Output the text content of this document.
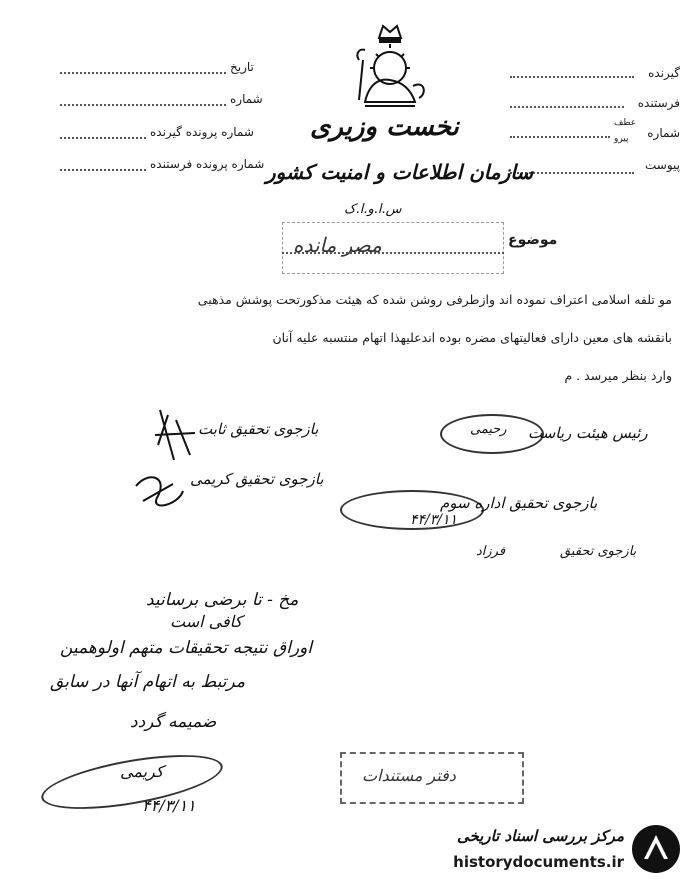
تاریخ
شماره
شماره پرونده گیرنده
شماره پرونده فرستنده
گیرنده
فرستنده
شماره
عطف
پیرو
پیوست
نخست وزیری
سازمان اطلاعات و امنیت کشور
س.ا.و.ا.ک
موضوع
مصر مانده
مو تلفه اسلامی اعتراف نموده اند وازطرفی روشن شده که هیئت مذکورتحت پوشش مذهبی
بانقشه های معین دارای فعالیتهای مضره بوده اندعلیهذا اتهام منتسبه علیه آنان
وارد بنظر میرسد . م
رئیس هیئت ریاست
رحیمی
بازجوی تحقیق ثابت
بازجوی تحقیق کریمی
بازجوی تحقیق اداره سوم
۴۴/۳/۱۱
بازجوی تحقیق
فرزاد
مخ - تا برضی برسانید
کافی است
اوراق نتیجه تحقیقات متهم اولوهمین
مرتبط به اتهام آنها در سابق
ضمیمه گردد
کریمی
۴۴/۳/۱۱
دفتر مستندات
مرکز بررسی اسناد تاریخی
historydocuments.ir
